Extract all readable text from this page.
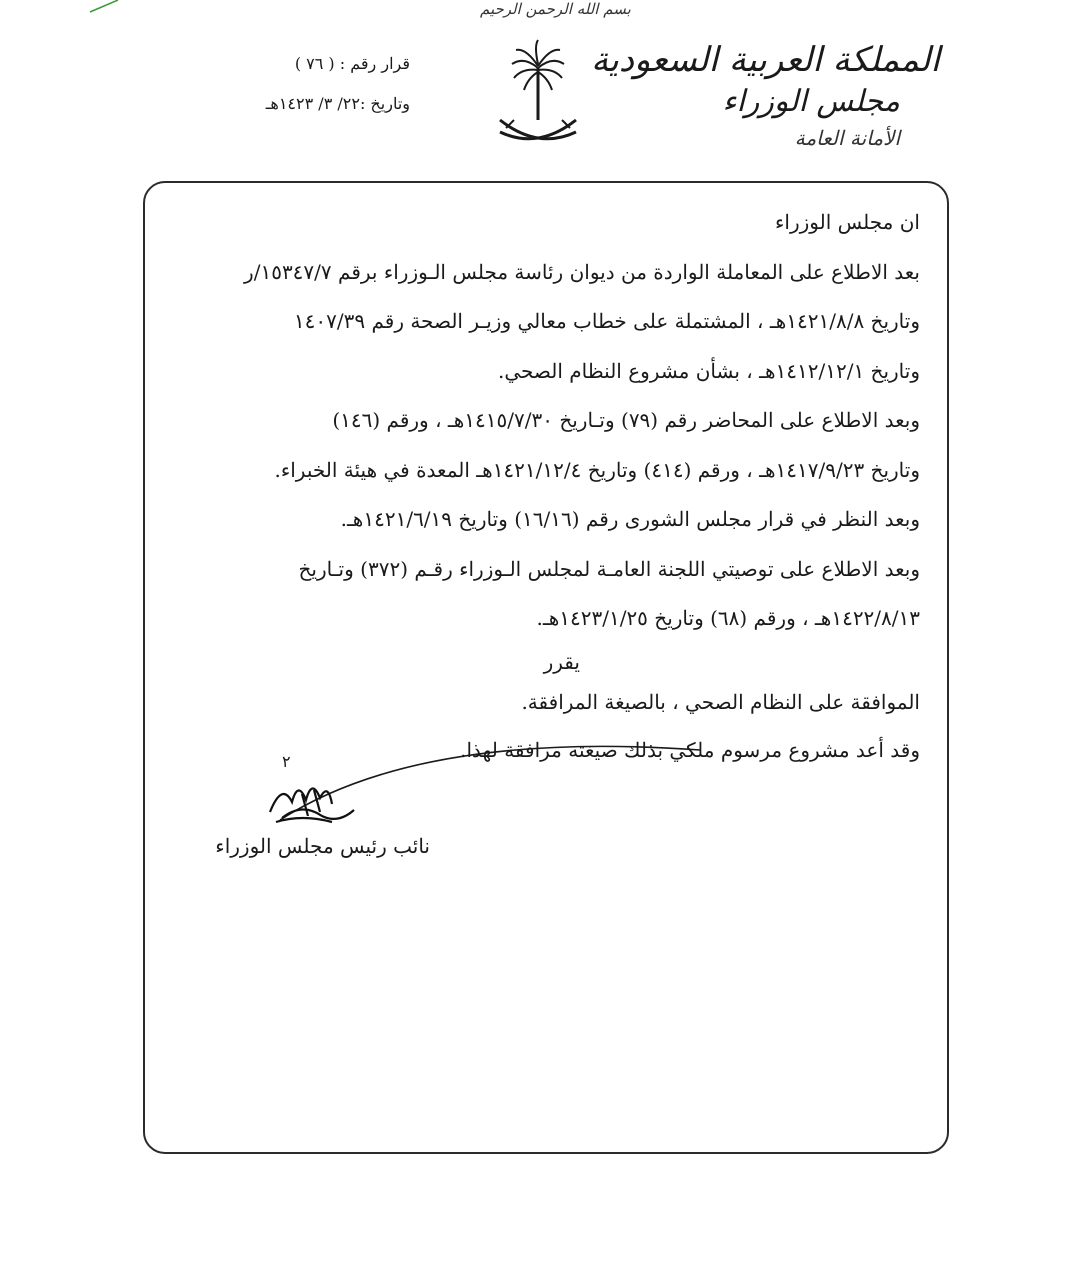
بسم الله الرحمن الرحيم
قرار رقم : ( ٧٦ )
وتاريخ :٢٢/ ٣/ ١٤٢٣هـ
المملكة العربية السعودية
مجلس الوزراء
الأمانة العامة

ان مجلس الوزراء

بعد الاطلاع على المعاملة الواردة من ديوان رئاسة مجلس الـوزراء برقم ١٥٣٤٧/٧/ر

وتاريخ ١٤٢١/٨/٨هـ ، المشتملة على خطاب معالي وزيـر الصحة رقم ١٤٠٧/٣٩

وتاريخ ١٤١٢/١٢/١هـ ، بشأن مشروع النظام الصحي.

وبعد الاطلاع على المحاضر رقم (٧٩) وتـاريخ ١٤١٥/٧/٣٠هـ ، ورقم (١٤٦)

وتاريخ ١٤١٧/٩/٢٣هـ ، ورقم (٤١٤) وتاريخ ١٤٢١/١٢/٤هـ المعدة في هيئة الخبراء.

وبعد النظر في قرار مجلس الشورى رقم (١٦/١٦) وتاريخ ١٤٢١/٦/١٩هـ.

وبعد الاطلاع على توصيتي اللجنة العامـة لمجلس الـوزراء رقـم (٣٧٢) وتـاريخ

١٤٢٢/٨/١٣هـ ، ورقم (٦٨) وتاريخ ١٤٢٣/١/٢٥هـ.

يقرر
الموافقة على النظام الصحي ، بالصيغة المرافقة.
وقد أعد مشروع مرسوم ملكي بذلك صيغته مرافقة لهذا.
٢
نائب رئيس مجلس الوزراء
